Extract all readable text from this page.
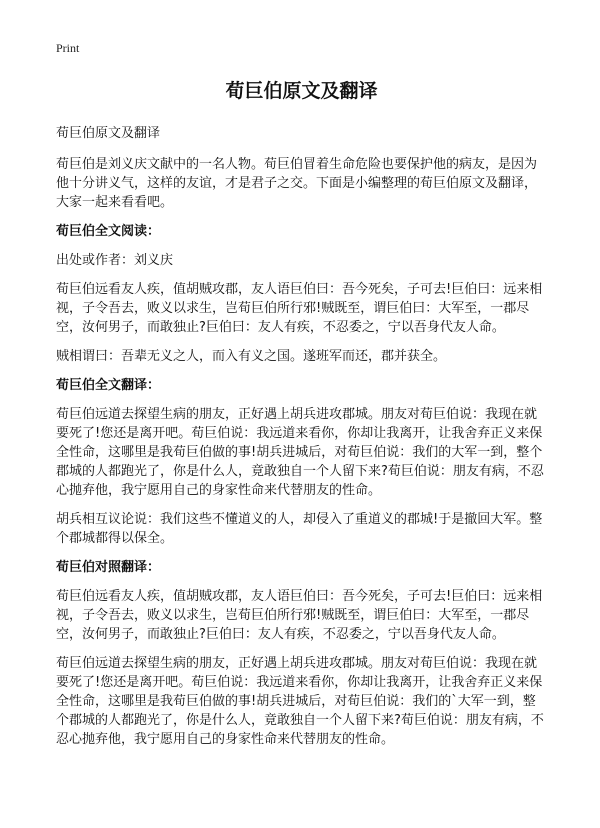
Print
荀巨伯原文及翻译
荀巨伯原文及翻译
荀巨伯是刘义庆文献中的一名人物。荀巨伯冒着生命危险也要保护他的病友，是因为他十分讲义气，这样的友谊，才是君子之交。下面是小编整理的荀巨伯原文及翻译，大家一起来看看吧。
荀巨伯全文阅读：
出处或作者：刘义庆
荀巨伯远看友人疾，值胡贼攻郡，友人语巨伯曰：吾今死矣，子可去!巨伯曰：远来相视，子令吾去，败义以求生，岂荀巨伯所行邪!贼既至，谓巨伯曰：大军至，一郡尽空，汝何男子，而敢独止?巨伯曰：友人有疾，不忍委之，宁以吾身代友人命。
贼相谓曰：吾辈无义之人，而入有义之国。遂班军而还，郡并获全。
荀巨伯全文翻译：
荀巨伯远道去探望生病的朋友，正好遇上胡兵进攻郡城。朋友对荀巨伯说：我现在就要死了!您还是离开吧。荀巨伯说：我远道来看你，你却让我离开，让我舍弃正义来保全性命，这哪里是我荀巨伯做的事!胡兵进城后，对荀巨伯说：我们的大军一到，整个郡城的人都跑光了，你是什么人，竟敢独自一个人留下来?荀巨伯说：朋友有病，不忍心抛弃他，我宁愿用自己的身家性命来代替朋友的性命。
胡兵相互议论说：我们这些不懂道义的人，却侵入了重道义的郡城!于是撤回大军。整个郡城都得以保全。
荀巨伯对照翻译：
荀巨伯远看友人疾，值胡贼攻郡，友人语巨伯曰：吾今死矣，子可去!巨伯曰：远来相视，子令吾去，败义以求生，岂荀巨伯所行邪!贼既至，谓巨伯曰：大军至，一郡尽空，汝何男子，而敢独止?巨伯曰：友人有疾，不忍委之，宁以吾身代友人命。
荀巨伯远道去探望生病的朋友，正好遇上胡兵进攻郡城。朋友对荀巨伯说：我现在就要死了!您还是离开吧。荀巨伯说：我远道来看你，你却让我离开，让我舍弃正义来保全性命，这哪里是我荀巨伯做的事!胡兵进城后，对荀巨伯说：我们的`大军一到，整个郡城的人都跑光了，你是什么人，竟敢独自一个人留下来?荀巨伯说：朋友有病，不忍心抛弃他，我宁愿用自己的身家性命来代替朋友的性命。
